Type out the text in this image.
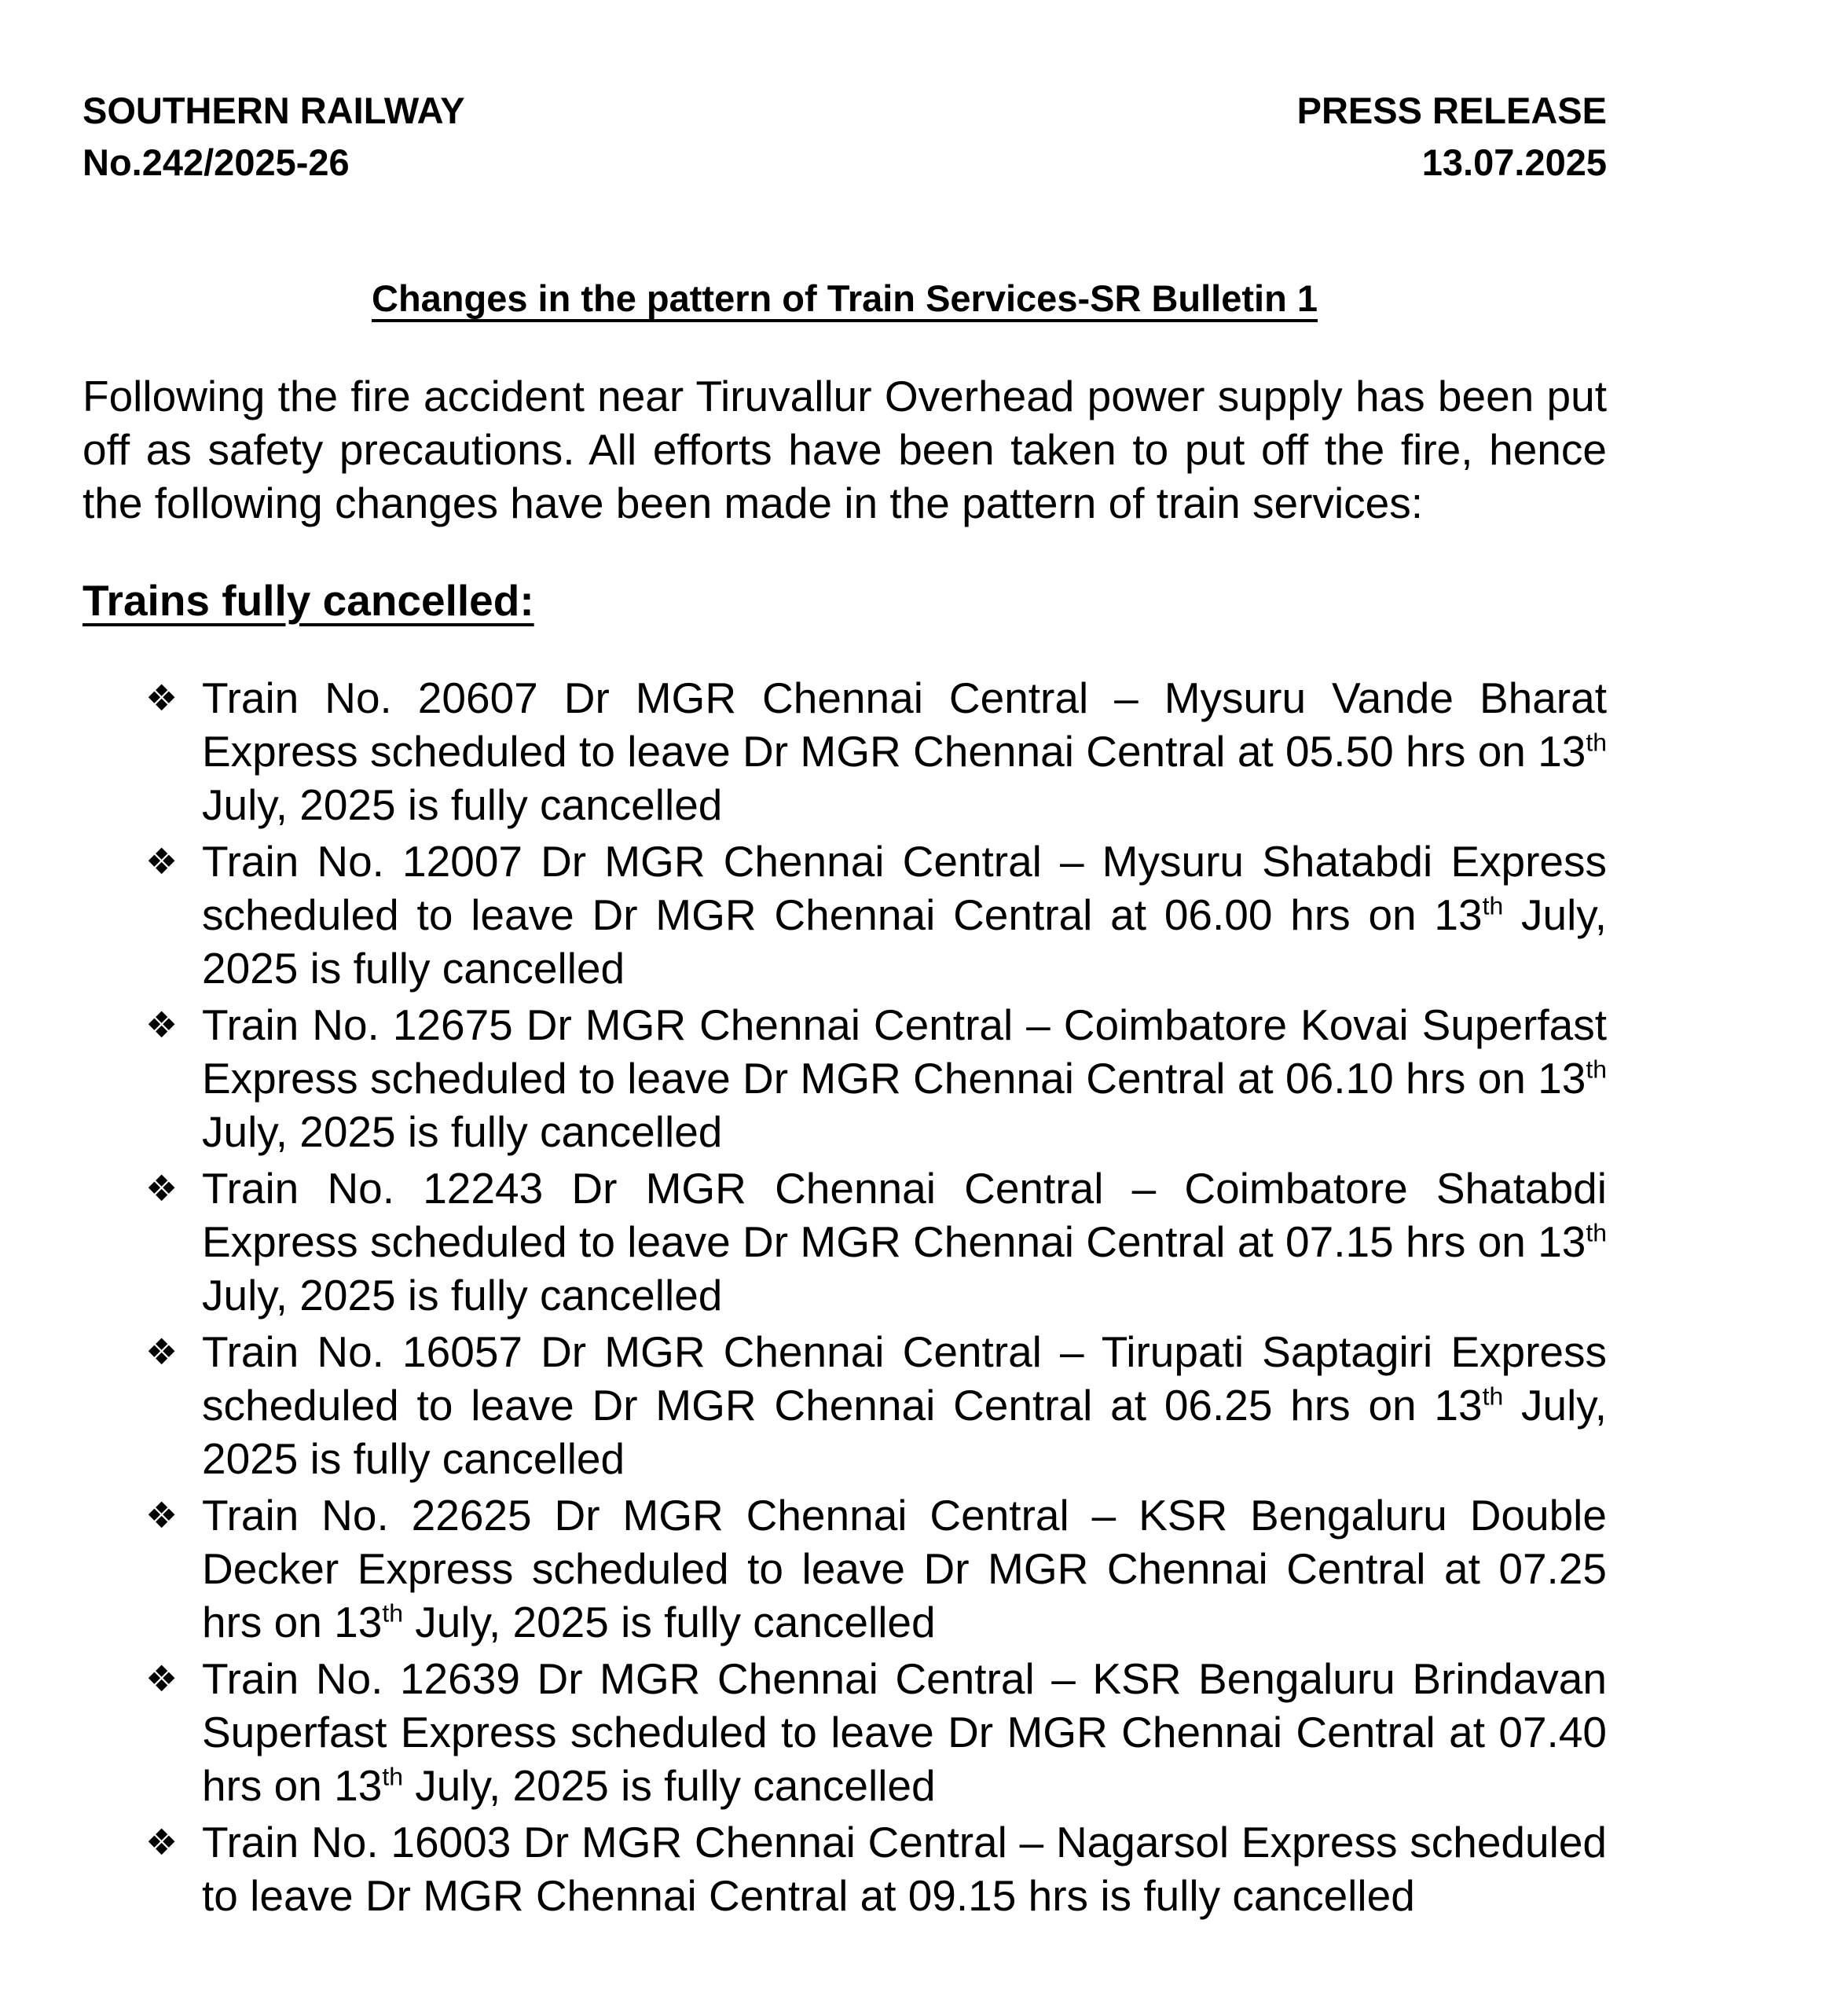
SOUTHERN RAILWAY
No.242/2025-26
PRESS RELEASE
13.07.2025
Changes in the pattern of Train Services-SR Bulletin 1

Following the fire accident near Tiruvallur Overhead power supply has been put off as safety precautions. All efforts have been taken to put off the fire, hence the following changes have been made in the pattern of train services:

Trains fully cancelled:
❖ Train No. 20607 Dr MGR Chennai Central – Mysuru Vande Bharat Express scheduled to leave Dr MGR Chennai Central at 05.50 hrs on 13th July, 2025 is fully cancelled
❖ Train No. 12007 Dr MGR Chennai Central – Mysuru Shatabdi Express scheduled to leave Dr MGR Chennai Central at 06.00 hrs on 13th July, 2025 is fully cancelled
❖ Train No. 12675 Dr MGR Chennai Central – Coimbatore Kovai Superfast Express scheduled to leave Dr MGR Chennai Central at 06.10 hrs on 13th July, 2025 is fully cancelled
❖ Train No. 12243 Dr MGR Chennai Central – Coimbatore Shatabdi Express scheduled to leave Dr MGR Chennai Central at 07.15 hrs on 13th July, 2025 is fully cancelled
❖ Train No. 16057 Dr MGR Chennai Central – Tirupati Saptagiri Express scheduled to leave Dr MGR Chennai Central at 06.25 hrs on 13th July, 2025 is fully cancelled
❖ Train No. 22625 Dr MGR Chennai Central – KSR Bengaluru Double Decker Express scheduled to leave Dr MGR Chennai Central at 07.25 hrs on 13th July, 2025 is fully cancelled
❖ Train No. 12639 Dr MGR Chennai Central – KSR Bengaluru Brindavan Superfast Express scheduled to leave Dr MGR Chennai Central at 07.40 hrs on 13th July, 2025 is fully cancelled
❖ Train No. 16003 Dr MGR Chennai Central – Nagarsol Express scheduled to leave Dr MGR Chennai Central at 09.15 hrs is fully cancelled
